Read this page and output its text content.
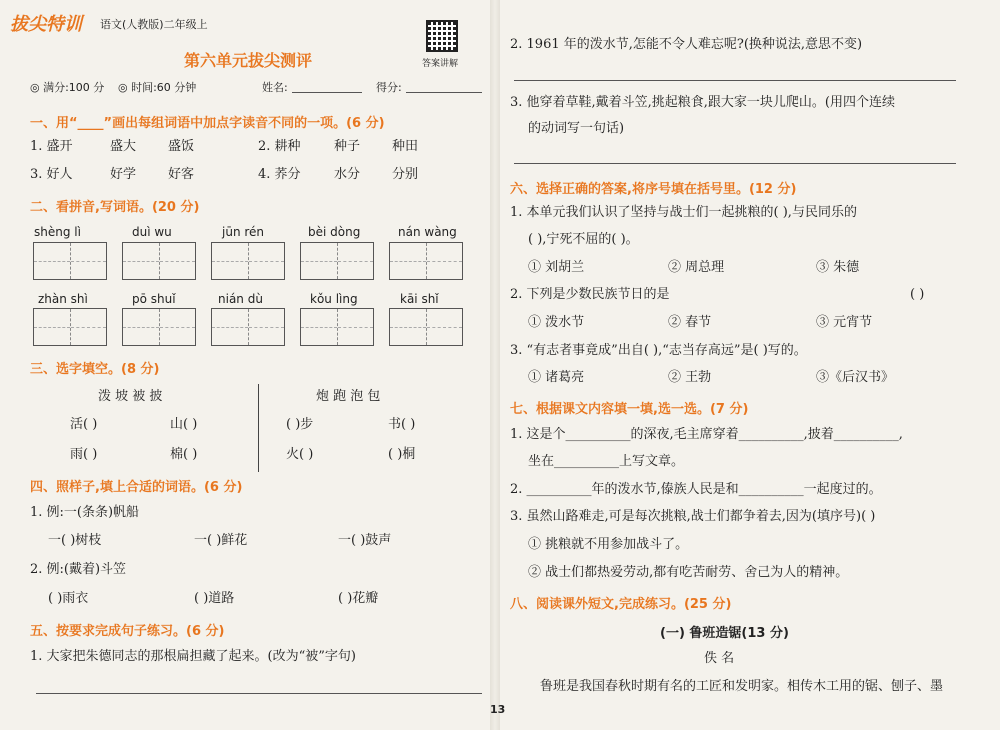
拔尖特训 语文(人教版)二年级上
第六单元拔尖测评	答案讲解
◎ 满分:100 分 ◎ 时间:60 分钟	姓名:	得分:
一、用“____”画出每组词语中加点字读音不同的一项。(6 分)
1. 盛开	盛大 盛饭	2. 耕种	种子 种田
3. 好人	好学 好客	4. 荞分	水分 分别
二、看拼音,写词语。(20 分)
shèng lì	duì wu	jūn rén	bèi dòng	nán wàng
zhàn shì	pō shuǐ	nián dù	kǒu lìng	kāi shǐ
三、选字填空。(8 分)
泼 坡 被 披	炮 跑 泡 包
活( )	山( )
雨( )	棉( )
( )步	书( )
火( )	( )桐
四、照样子,填上合适的词语。(6 分)
1. 例:一(条条)帆船
一( )树枝	一( )鲜花	一( )鼓声
2. 例:(戴着)斗笠
( )雨衣	( )道路	( )花瓣
五、按要求完成句子练习。(6 分)
1. 大家把朱德同志的那根扁担藏了起来。(改为“被”字句)
2. 1961 年的泼水节,怎能不令人难忘呢?(换种说法,意思不变)
3. 他穿着草鞋,戴着斗笠,挑起粮食,跟大家一块儿爬山。(用四个连续
的动词写一句话)
六、选择正确的答案,将序号填在括号里。(12 分)
1. 本单元我们认识了坚持与战士们一起挑粮的( ),与民同乐的
( ),宁死不屈的( )。
① 刘胡兰	② 周总理	③ 朱德
2. 下列是少数民族节日的是	( )
① 泼水节	② 春节	③ 元宵节
3. “有志者事竟成”出自( ),“志当存高远”是( )写的。
① 诸葛亮	② 王勃	③《后汉书》
七、根据课文内容填一填,选一选。(7 分)
1. 这是个__________的深夜,毛主席穿着__________,披着__________,
坐在__________上写文章。
2. __________年的泼水节,傣族人民是和__________一起度过的。
3. 虽然山路难走,可是每次挑粮,战士们都争着去,因为(填序号)( )
① 挑粮就不用参加战斗了。
② 战士们都热爱劳动,都有吃苦耐劳、舍己为人的精神。
八、阅读课外短文,完成练习。(25 分)
(一) 鲁班造锯(13 分)
佚 名
鲁班是我国春秋时期有名的工匠和发明家。相传木工用的锯、刨子、墨
13
